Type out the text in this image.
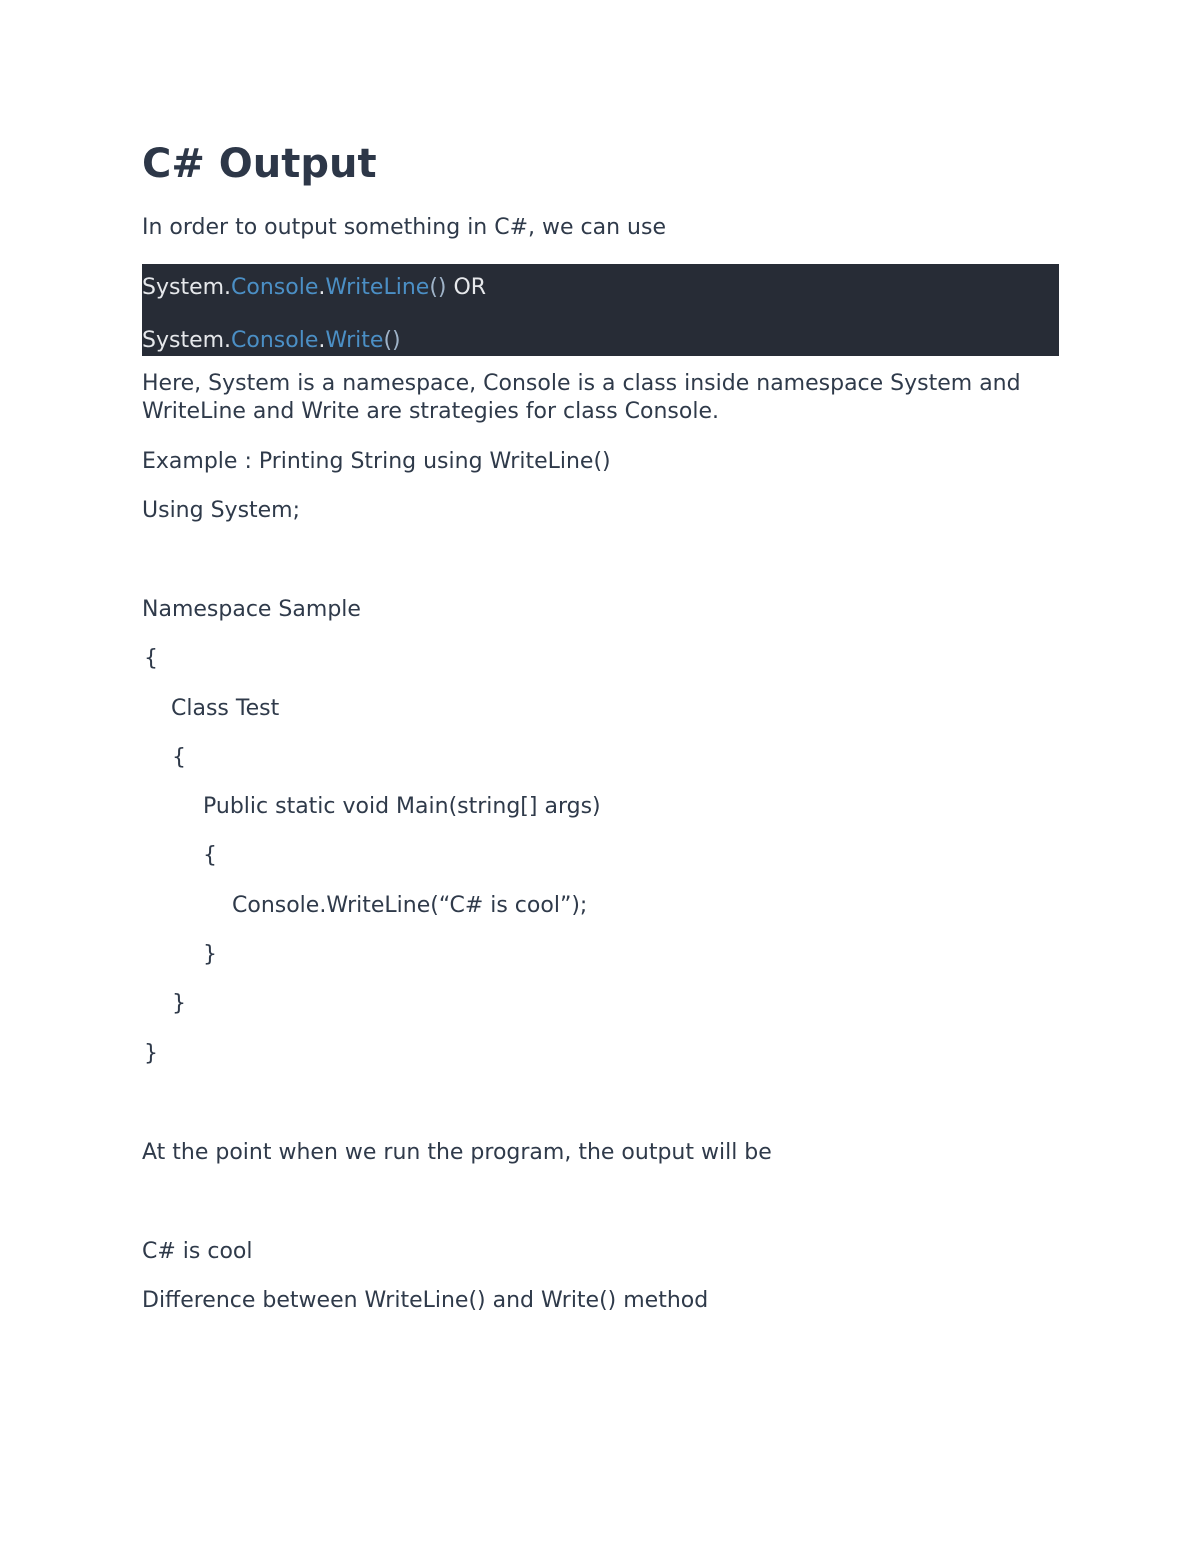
C# Output

In order to output something in C#, we can use

System.Console.WriteLine() OR
System.Console.Write()

Here, System is a namespace, Console is a class inside namespace System and WriteLine and Write are strategies for class Console.

Example : Printing String using WriteLine()

Using System;

Namespace Sample

{

Class Test

{

Public static void Main(string[] args)

{

Console.WriteLine(“C# is cool”);

}

}

}

At the point when we run the program, the output will be

C# is cool

Difference between WriteLine() and Write() method
